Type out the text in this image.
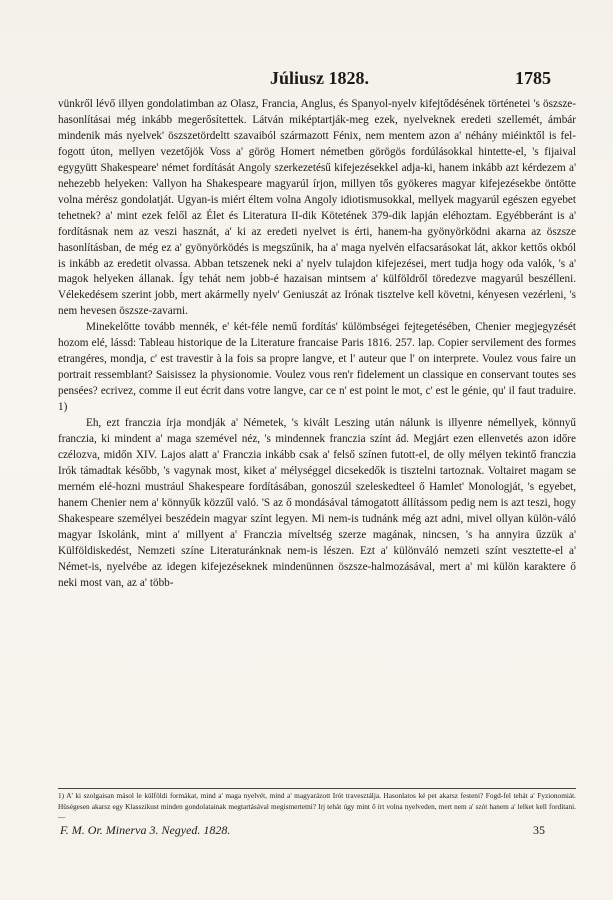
Júliusz 1828.	1785

vünkről lévő illyen gondolatimban az Olasz, Francia, Anglus, és Spanyol-nyelv kifejtődésének történetei 's öszsze-hasonlításai még inkább megerősítettek. Látván miképtartják-meg ezek, nyelveknek eredeti szellemét, ámbár mindenik más nyelvek' öszszetördeltt szavaiból származott Fénix, nem mentem azon a' néhány miéinktől is fel-fogott úton, mellyen vezetőjök Voss a' görög Homert németben görögös fordúlásokkal hintette-el, 's fijaival egygyütt Shakespeare' német fordítását Angoly szerkezetésű kifejezésekkel adja-ki, hanem inkább azt kérdezem a' nehezebb helyeken: Vallyon ha Shakespeare magyarúl írjon, millyen tős gyökeres magyar kifejezésekbe öntötte volna mérész gondolatját. Ugyan-is miért éltem volna Angoly idiotismusokkal, mellyek magyarúl egészen egyebet tehetnek? a' mint ezek felől az Élet és Literatura II-dik Kötetének 379-dik lapján eléhoztam. Egyébberánt is a' fordításnak nem az veszi hasznát, a' ki az eredeti nyelvet is érti, hanem-ha gyönyörködni akarna az öszsze hasonlításban, de még ez a' gyönyörködés is megszűnik, ha a' maga nyelvén elfacsarásokat lát, akkor kettős okból is inkább az eredetit olvassa. Abban tetszenek neki a' nyelv tulajdon kifejezései, mert tudja hogy oda valók, 's a' magok helyeken állanak. Így tehát nem jobb-é hazaisan mintsem a' külföldről töredezve magyarúl beszélleni. Vélekedésem szerint jobb, mert akármelly nyelv' Geniuszát az Irónak tisztelve kell követni, kényesen vezérleni, 's nem hevesen öszsze-zavarni.

Minekelőtte tovább mennék, e' két-féle nemű fordítás' külömbségei fejtegetésében, Chenier megjegyzését hozom elé, lássd: Tableau historique de la Literature francaise Paris 1816. 257. lap. Copier servilement des formes etrangéres, mondja, c' est travestir à la fois sa propre langve, et l' auteur que l' on interprete. Voulez vous faire un portrait ressemblant? Saisissez la physionomie. Voulez vous ren'r fidelement un classique en conservant toutes ses pensées? ecrivez, comme il eut écrit dans votre langve, car ce n' est point le mot, c' est le génie, qu' il faut traduire. 1)

Eh, ezt franczia írja mondják a' Németek, 's kivált Leszing után nálunk is illyenre némellyek, könnyű franczia, ki mindent a' maga szemével néz, 's mindennek franczia színt ád. Megjárt ezen ellenvetés azon időre czélozva, midőn XIV. Lajos alatt a' Franczia inkább csak a' felső színen futott-el, de olly mélyen tekintő franczia Irók támadtak később, 's vagynak most, kiket a' mélységgel dicsekedők is tisztelni tartoznak. Voltairet magam se merném elé-hozni mustrául Shakespeare fordításában, gonoszúl szeleskedteel ő Hamlet' Monologját, 's egyebet, hanem Chenier nem a' könnyűk közzűl való. 'S az ő mondásával támogatott állítássom pedig nem is azt teszi, hogy Shakespeare személyei beszédein magyar színt legyen. Mi nem-is tudnánk még azt adni, mivel ollyan külön-váló magyar Iskolánk, mint a' millyent a' Franczia míveltség szerze magának, nincsen, 's ha annyira űzzük a' Külföldiskedést, Nemzeti színe Literaturánknak nem-is lészen. Ezt a' különváló nemzeti színt vesztette-el a' Német-is, nyelvébe az idegen kifejezéseknek mindenünnen öszsze-halmozásával, mert a' mi külön karaktere ő neki most van, az a' több-

1) A' ki szolgaisan másol le külföldi formákat, mind a' maga nyelvét, mind a' magyarázott Irót travesztálja. Hasonlatos ké pet akarsz festeni? Fogd-fel tehát a' Fyzionomiát. Hüségesen akarsz egy Klasszikust minden gondolatainak megtartásával megismertetni? Irj tehát úgy mint ő írt volna nyelveden, mert nem a' szót hanem a' lelket kell fordítani. —
F. M. Or. Minerva 3. Negyed. 1828.	35
